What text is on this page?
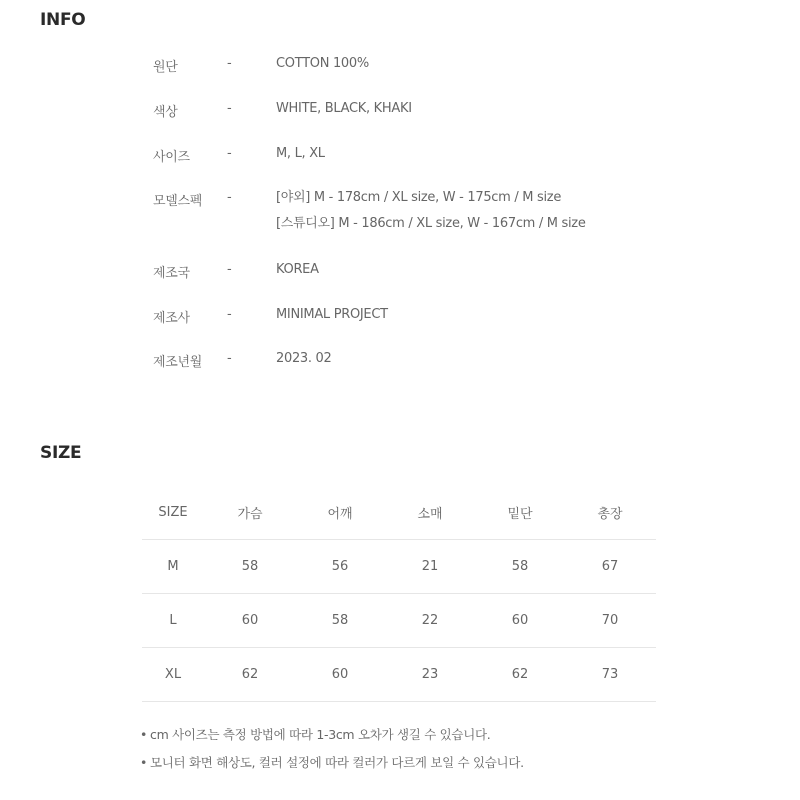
INFO
원단	-	COTTON 100%
색상	-	WHITE, BLACK, KHAKI
사이즈	-	M, L, XL
모델스펙 -	[야외] M - 178cm / XL size, W - 175cm / M size
[스튜디오] M - 186cm / XL size, W - 167cm / M size
제조국	-	KOREA
제조사	-	MINIMAL PROJECT
제조년월 -	2023. 02
SIZE
SIZE	가슴	어깨	소매	밑단	총장
M	58	56	21	58	67
L	60	58	22	60	70
XL	62	60	23	62	73
• cm 사이즈는 측정 방법에 따라 1-3cm 오차가 생길 수 있습니다.
• 모니터 화면 해상도, 컬러 설정에 따라 컬러가 다르게 보일 수 있습니다.
